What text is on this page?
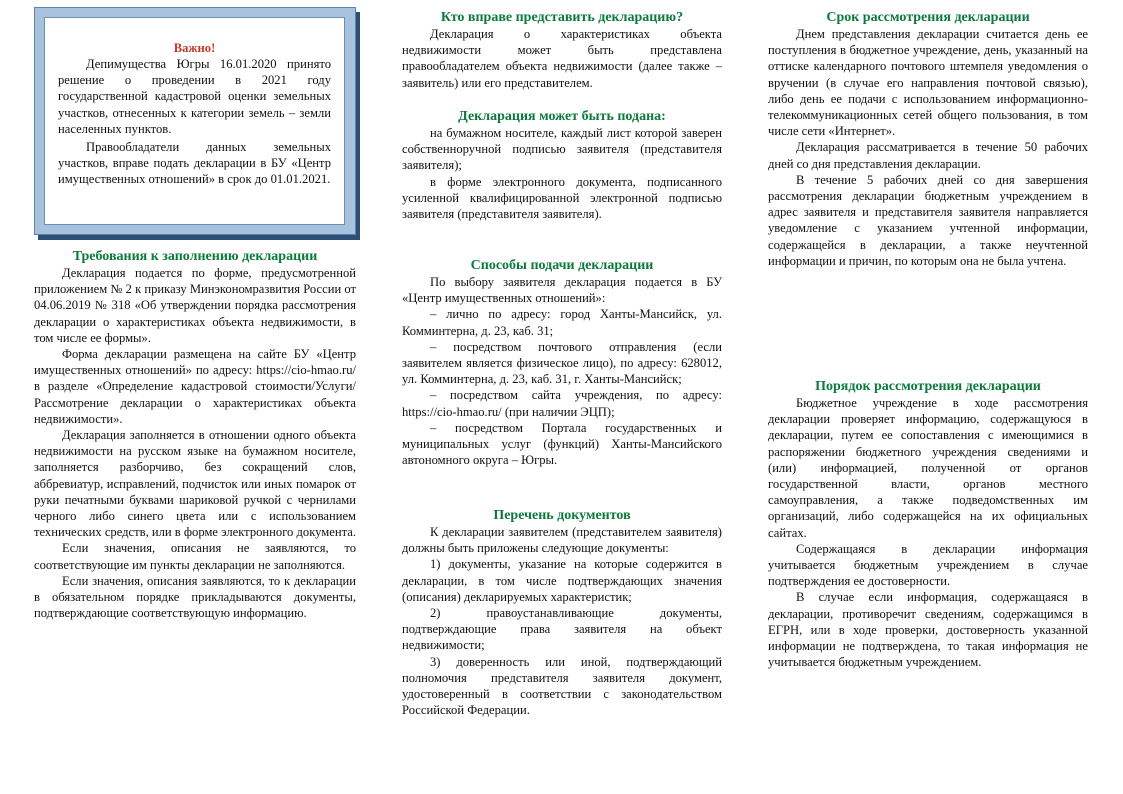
Важно!

Депимущества Югры 16.01.2020 принято решение о проведении в 2021 году государственной кадастровой оценки земельных участков, отнесенных к категории земель – земли населенных пунктов.

Правообладатели данных земельных участков, вправе подать декларации в БУ «Центр имущественных отношений» в срок до 01.01.2021.

Требования к заполнению декларации

Декларация подается по форме, предусмотренной приложением № 2 к приказу Минэкономразвития России от 04.06.2019 № 318 «Об утверждении порядка рассмотрения декларации о характеристиках объекта недвижимости, в том числе ее формы».

Форма декларации размещена на сайте БУ «Центр имущественных отношений» по адресу: https://cio-hmao.ru/ в разделе «Определение кадастровой стоимости/Услуги/ Рассмотрение декларации о характеристиках объекта недвижимости».

Декларация заполняется в отношении одного объекта недвижимости на русском языке на бумажном носителе, заполняется разборчиво, без сокращений слов, аббревиатур, исправлений, подчисток или иных помарок от руки печатными буквами шариковой ручкой с чернилами черного либо синего цвета или с использованием технических средств, или в форме электронного документа.

Если значения, описания не заявляются, то соответствующие им пункты декларации не заполняются.

Если значения, описания заявляются, то к декларации в обязательном порядке прикладываются документы, подтверждающие соответствующую информацию.

Кто вправе представить декларацию?

Декларация о характеристиках объекта недвижимости может быть представлена правообладателем объекта недвижимости (далее также – заявитель) или его представителем.

Декларация может быть подана:

на бумажном носителе, каждый лист которой заверен собственноручной подписью заявителя (представителя заявителя);

в форме электронного документа, подписанного усиленной квалифицированной электронной подписью заявителя (представителя заявителя).

Способы подачи декларации

По выбору заявителя декларация подается в БУ «Центр имущественных отношений»:

– лично по адресу: город Ханты-Мансийск, ул. Комминтерна, д. 23, каб. 31;

– посредством почтового отправления (если заявителем является физическое лицо), по адресу: 628012, ул. Комминтерна, д. 23, каб. 31, г. Ханты-Мансийск;

– посредством сайта учреждения, по адресу: https://cio-hmao.ru/ (при наличии ЭЦП);

– посредством Портала государственных и муниципальных услуг (функций) Ханты-Мансийского автономного округа – Югры.

Перечень документов

К декларации заявителем (представителем заявителя) должны быть приложены следующие документы:

1) документы, указание на которые содержится в декларации, в том числе подтверждающих значения (описания) декларируемых характеристик;

2) правоустанавливающие документы, подтверждающие права заявителя на объект недвижимости;

3) доверенность или иной, подтверждающий полномочия представителя заявителя документ, удостоверенный в соответствии с законодательством Российской Федерации.

Срок рассмотрения декларации

Днем представления декларации считается день ее поступления в бюджетное учреждение, день, указанный на оттиске календарного почтового штемпеля уведомления о вручении (в случае его направления почтовой связью), либо день ее подачи с использованием информационно-телекоммуникационных сетей общего пользования, в том числе сети «Интернет».

Декларация рассматривается в течение 50 рабочих дней со дня представления декларации.

В течение 5 рабочих дней со дня завершения рассмотрения декларации бюджетным учреждением в адрес заявителя и представителя заявителя направляется уведомление с указанием учтенной информации, содержащейся в декларации, а также неучтенной информации и причин, по которым она не была учтена.

Порядок рассмотрения декларации

Бюджетное учреждение в ходе рассмотрения декларации проверяет информацию, содержащуюся в декларации, путем ее сопоставления с имеющимися в распоряжении бюджетного учреждения сведениями и (или) информацией, полученной от органов государственной власти, органов местного самоуправления, а также подведомственных им организаций, либо содержащейся на их официальных сайтах.

Содержащаяся в декларации информация учитывается бюджетным учреждением в случае подтверждения ее достоверности.

В случае если информация, содержащаяся в декларации, противоречит сведениям, содержащимся в ЕГРН, или в ходе проверки, достоверность указанной информации не подтверждена, то такая информация не учитывается бюджетным учреждением.
